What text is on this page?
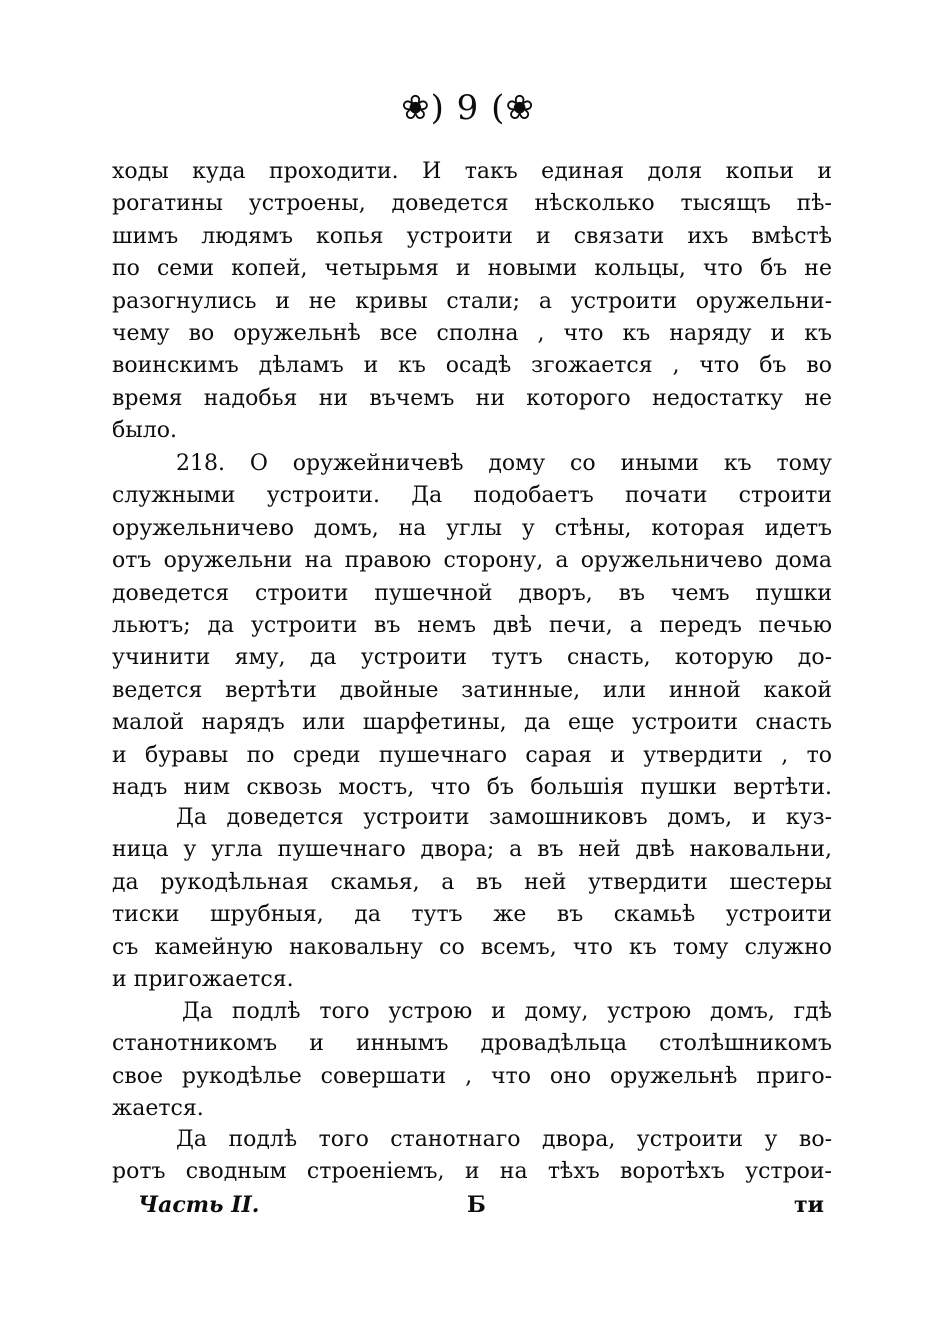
❀) 9 (❀
ходы куда проходити. И такъ единая доля копьи и
рогатины устроены, доведется нѣсколько тысящъ пѣ-
шимъ людямъ копья устроити и связати ихъ вмѣстѣ
по семи копей, четырьмя и новыми кольцы, что бъ не
разогнулись и не кривы стали; а устроити оружельни-
чему во оружельнѣ все сполна , что къ наряду и къ
воинскимъ дѣламъ и къ осадѣ згожается , что бъ во
время надобья ни въчемъ ни которого недостатку не
было.
218. О оружейничевѣ дому со иными къ тому
служными устроити. Да подобаетъ почати строити
оружельничево домъ, на углы у стѣны, которая идетъ
отъ оружельни на правою сторону, а оружельничево дома
доведется строити пушечной дворъ, въ чемъ пушки
льютъ; да устроити въ немъ двѣ печи, а передъ печью
учинити яму, да устроити тутъ снасть, которую до-
ведется вертѣти двойные затинные, или инной какой
малой нарядъ или шарфетины, да еще устроити снасть
и буравы по среди пушечнаго сарая и утвердити , то
надъ ним сквозь мостъ, что бъ большія пушки вертѣти.
Да доведется устроити замошниковъ домъ, и куз-
ница у угла пушечнаго двора; а въ ней двѣ наковальни,
да рукодѣльная скамья, а въ ней утвердити шестеры
тиски шрубныя, да тутъ же въ скамьѣ устроити
съ камейную наковальну со всемъ, что къ тому служно
и пригожается.
Да подлѣ того устрою и дому, устрою домъ, гдѣ
станотникомъ и иннымъ дровадѣльца столѣшникомъ
свое рукодѣлье совершати , что оно оружельнѣ приго-
жается.
Да подлѣ того станотнаго двора, устроити у во-
ротъ сводным строеніемъ, и на тѣхъ воротѣхъ устрои-
Часть II.	Б	ти
